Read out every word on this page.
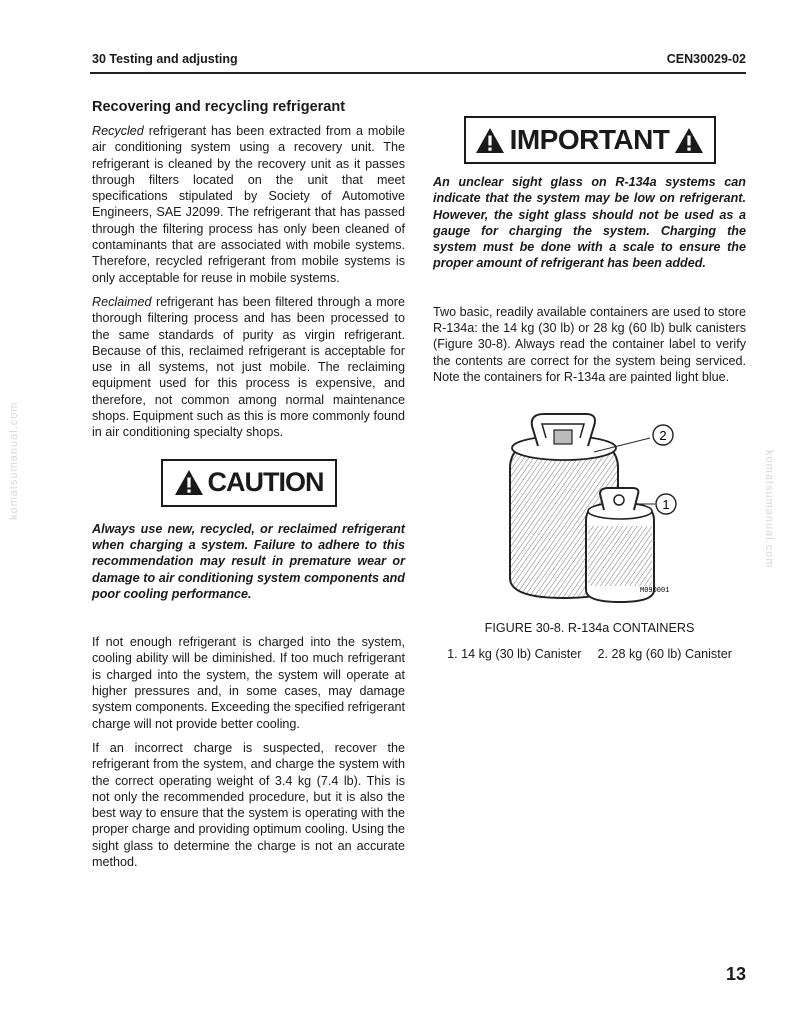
30 Testing and adjusting	CEN30029-02
Recovering and recycling refrigerant

Recycled refrigerant has been extracted from a mobile air conditioning system using a recovery unit. The refrigerant is cleaned by the recovery unit as it passes through filters located on the unit that meet specifications stipulated by Society of Automotive Engineers, SAE J2099. The refrigerant that has passed through the filtering process has only been cleaned of contaminants that are associated with mobile systems. Therefore, recycled refrigerant from mobile systems is only acceptable for reuse in mobile systems.

Reclaimed refrigerant has been filtered through a more thorough filtering process and has been processed to the same standards of purity as virgin refrigerant. Because of this, reclaimed refrigerant is acceptable for use in all systems, not just mobile. The reclaiming equipment used for this process is expensive, and therefore, not common among normal maintenance shops. Equipment such as this is more commonly found in air conditioning specialty shops.

CAUTION

Always use new, recycled, or reclaimed refrigerant when charging a system. Failure to adhere to this recommendation may result in premature wear or damage to air conditioning system components and poor cooling performance.

If not enough refrigerant is charged into the system, cooling ability will be diminished. If too much refrigerant is charged into the system, the system will operate at higher pressures and, in some cases, may damage system components. Exceeding the specified refrigerant charge will not provide better cooling.

If an incorrect charge is suspected, recover the refrigerant from the system, and charge the system with the correct operating weight of 3.4 kg (7.4 lb). This is not only the recommended procedure, but it is also the best way to ensure that the system is operating with the proper charge and providing optimum cooling. Using the sight glass to determine the charge is not an accurate method.

IMPORTANT

An unclear sight glass on R-134a systems can indicate that the system may be low on refrigerant. However, the sight glass should not be used as a gauge for charging the system. Charging the system must be done with a scale to ensure the proper amount of refrigerant has been added.

Two basic, readily available containers are used to store R-134a: the 14 kg (30 lb) or 28 kg (60 lb) bulk canisters (Figure 30-8). Always read the container label to verify the contents are correct for the system being serviced. Note the containers for R-134a are painted light blue.

2
1
M090001
FIGURE 30-8. R-134a CONTAINERS
1. 14 kg (30 lb) Canister 2. 28 kg (60 lb) Canister
komatsumanual.com	komatsumanual.com
13
